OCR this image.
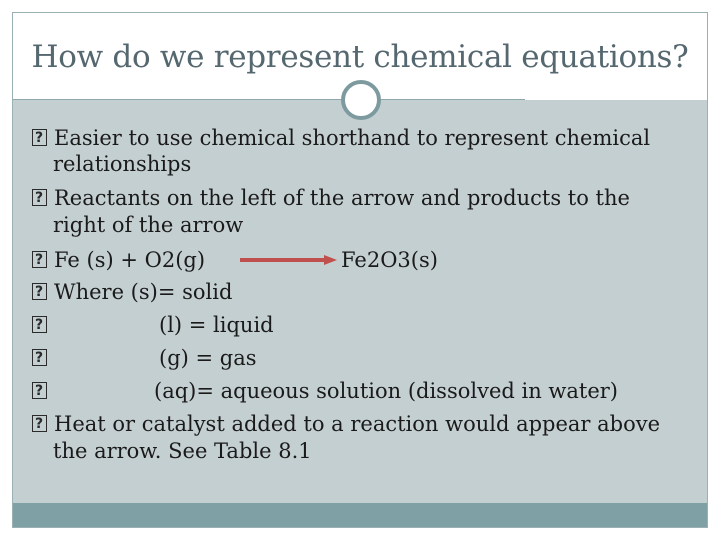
How do we represent chemical equations?
?Easier to use chemical shorthand to represent chemical
relationships
?Reactants on the left of the arrow and products to the
right of the arrow
?Fe (s) + O2(g)	Fe2O3(s)
?Where (s)= solid
?(l) = liquid
?(g) = gas
?(aq)= aqueous solution (dissolved in water)
?Heat or catalyst added to a reaction would appear above
the arrow. See Table 8.1
